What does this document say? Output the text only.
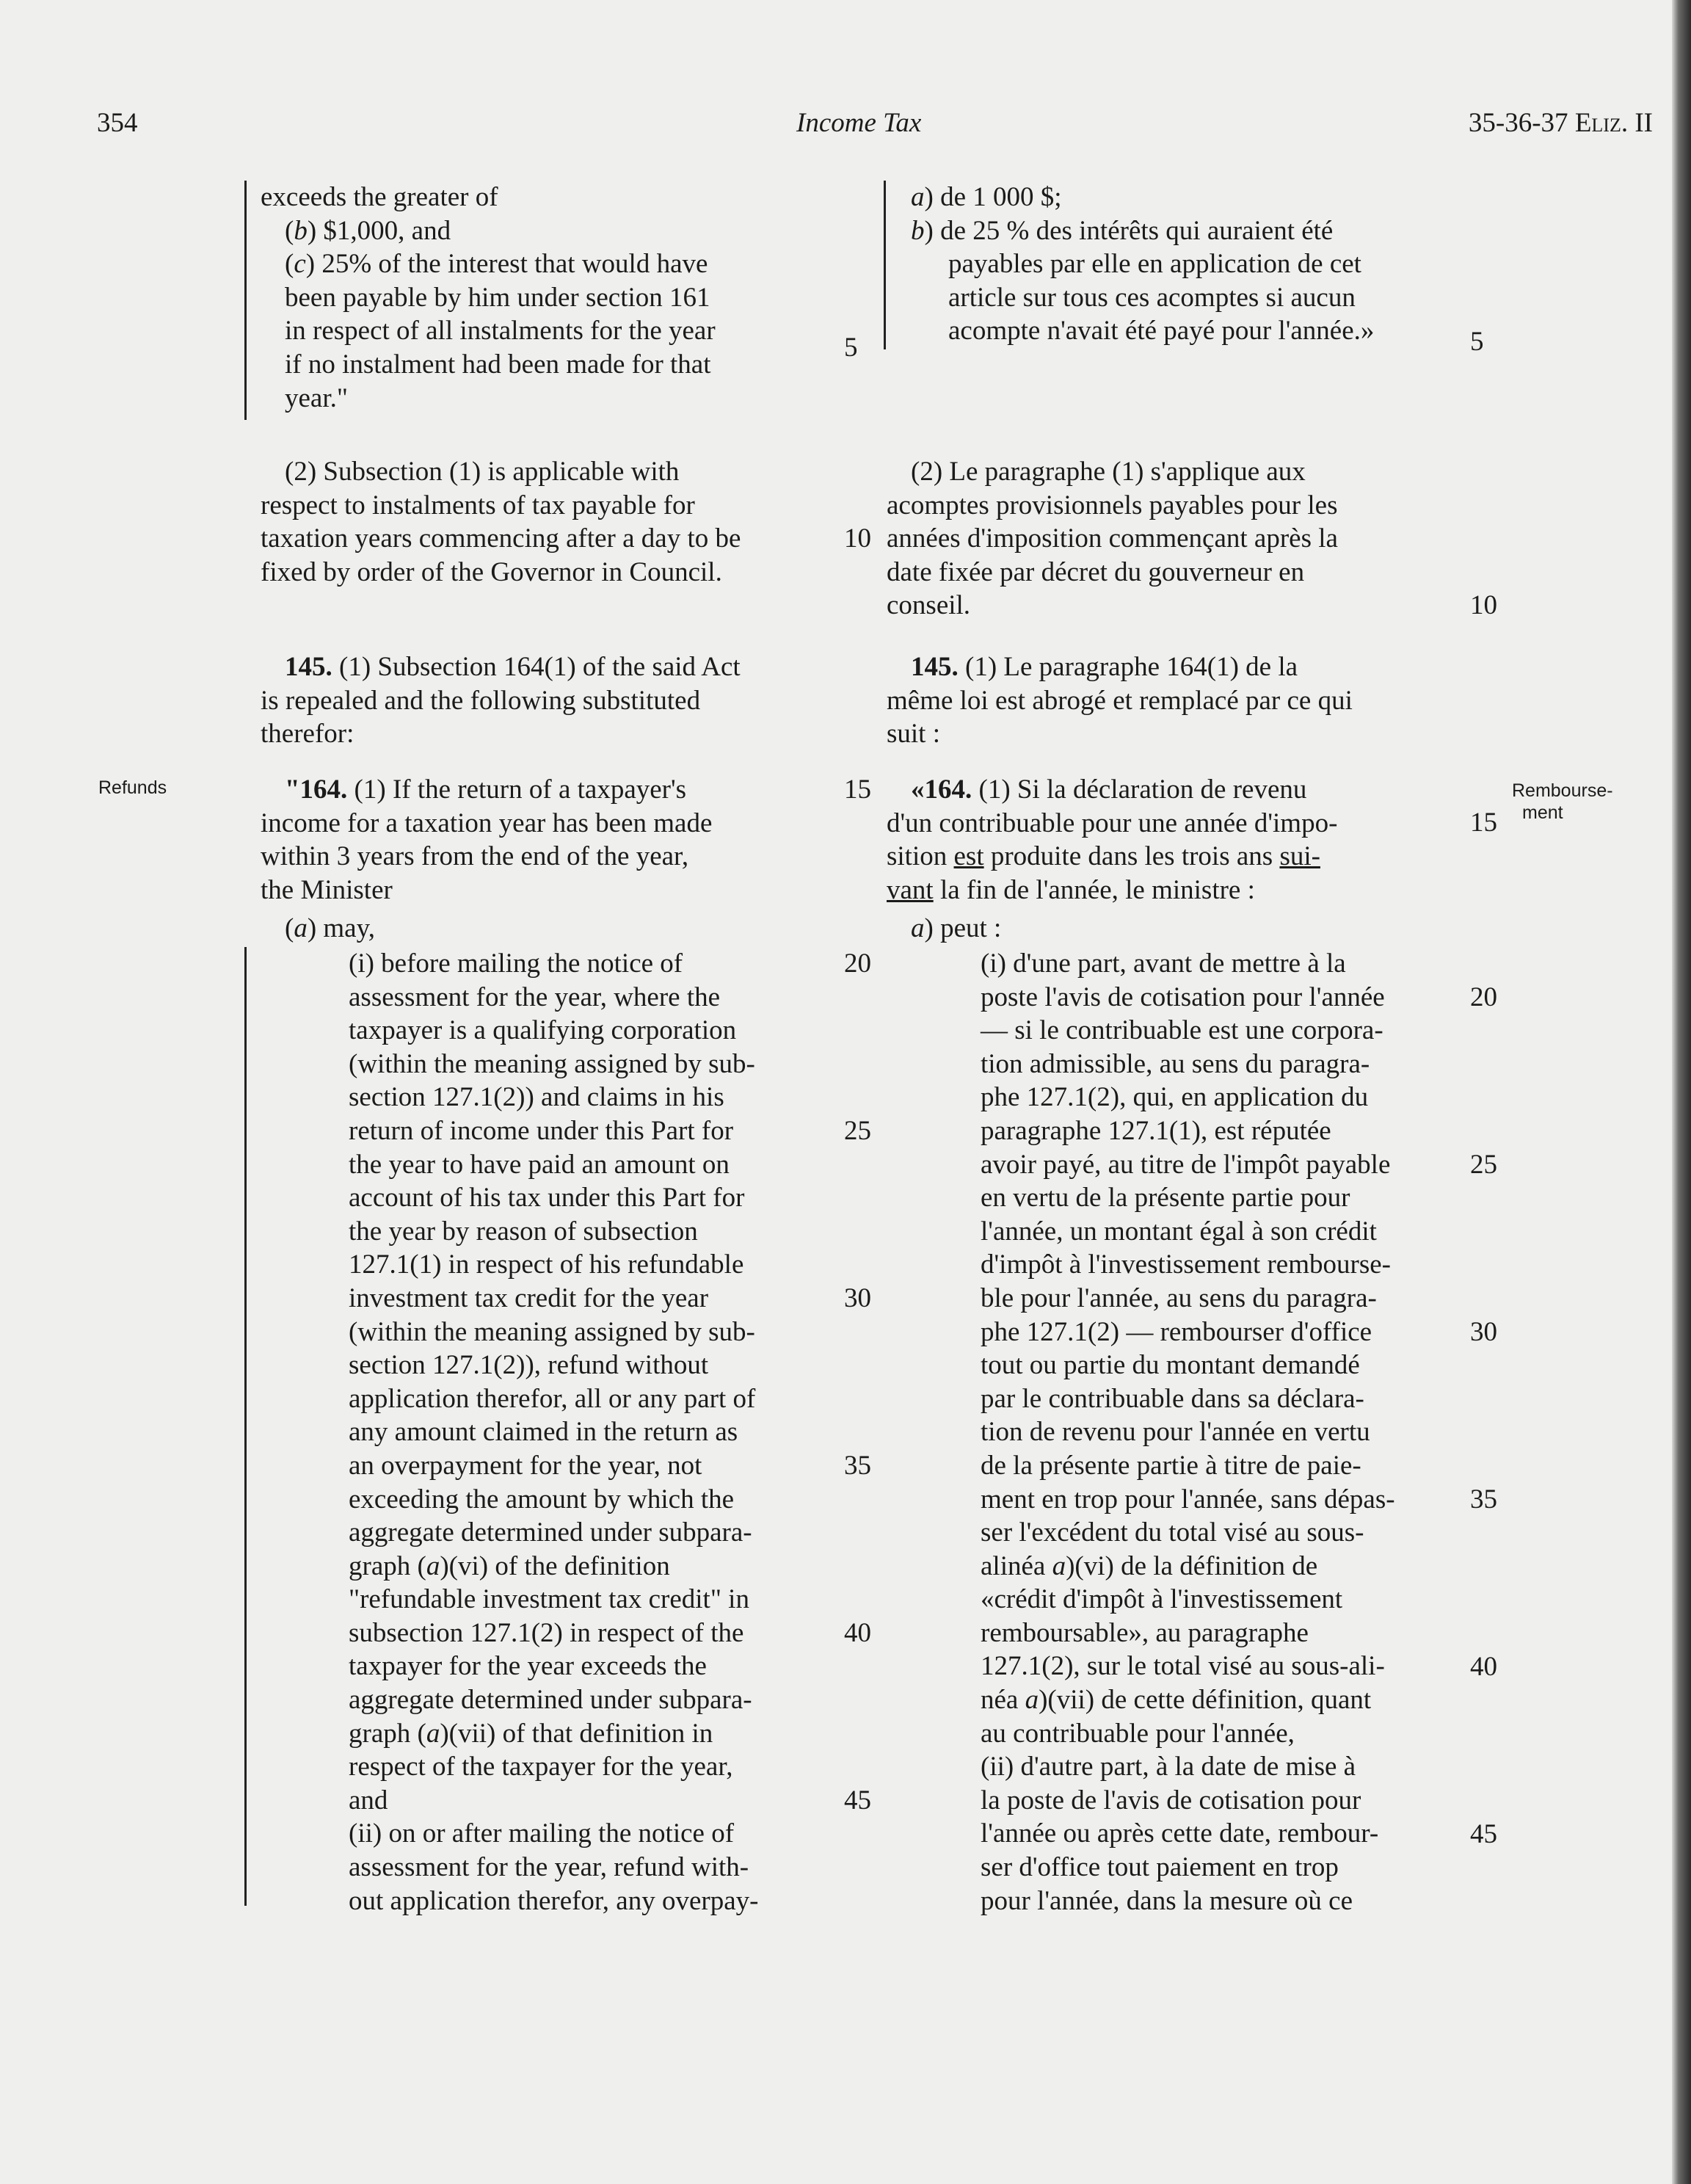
354	Income Tax	35-36-37 Eliz. II
Refunds	Rembourse-
ment

exceeds the greater of

(b) $1,000, and

(c) 25% of the interest that would have

been payable by him under section 161

in respect of all instalments for the year

if no instalment had been made for that

year."

(2) Subsection (1) is applicable with

respect to instalments of tax payable for

taxation years commencing after a day to be

fixed by order of the Governor in Council.

145. (1) Subsection 164(1) of the said Act

is repealed and the following substituted

therefor:

"164. (1) If the return of a taxpayer's

income for a taxation year has been made

within 3 years from the end of the year,

the Minister

(a) may,

(i) before mailing the notice of

assessment for the year, where the

taxpayer is a qualifying corporation

(within the meaning assigned by sub-

section 127.1(2)) and claims in his

return of income under this Part for

the year to have paid an amount on

account of his tax under this Part for

the year by reason of subsection

127.1(1) in respect of his refundable

investment tax credit for the year

(within the meaning assigned by sub-

section 127.1(2)), refund without

application therefor, all or any part of

any amount claimed in the return as

an overpayment for the year, not

exceeding the amount by which the

aggregate determined under subpara-

graph (a)(vi) of the definition

"refundable investment tax credit" in

subsection 127.1(2) in respect of the

taxpayer for the year exceeds the

aggregate determined under subpara-

graph (a)(vii) of that definition in

respect of the taxpayer for the year,

and

(ii) on or after mailing the notice of

assessment for the year, refund with-

out application therefor, any overpay-

a) de 1 000 $;

b) de 25 % des intérêts qui auraient été

payables par elle en application de cet

article sur tous ces acomptes si aucun

acompte n'avait été payé pour l'année.»

(2) Le paragraphe (1) s'applique aux

acomptes provisionnels payables pour les

années d'imposition commençant après la

date fixée par décret du gouverneur en

conseil.

145. (1) Le paragraphe 164(1) de la

même loi est abrogé et remplacé par ce qui

suit :

«164. (1) Si la déclaration de revenu

d'un contribuable pour une année d'impo-

sition est produite dans les trois ans sui-

vant la fin de l'année, le ministre :

a) peut :

(i) d'une part, avant de mettre à la

poste l'avis de cotisation pour l'année

— si le contribuable est une corpora-

tion admissible, au sens du paragra-

phe 127.1(2), qui, en application du

paragraphe 127.1(1), est réputée

avoir payé, au titre de l'impôt payable

en vertu de la présente partie pour

l'année, un montant égal à son crédit

d'impôt à l'investissement rembourse-

ble pour l'année, au sens du paragra-

phe 127.1(2) — rembourser d'office

tout ou partie du montant demandé

par le contribuable dans sa déclara-

tion de revenu pour l'année en vertu

de la présente partie à titre de paie-

ment en trop pour l'année, sans dépas-

ser l'excédent du total visé au sous-

alinéa a)(vi) de la définition de

«crédit d'impôt à l'investissement

remboursable», au paragraphe

127.1(2), sur le total visé au sous-ali-

néa a)(vii) de cette définition, quant

au contribuable pour l'année,

(ii) d'autre part, à la date de mise à

la poste de l'avis de cotisation pour

l'année ou après cette date, rembour-

ser d'office tout paiement en trop

pour l'année, dans la mesure où ce

5
10
15
20
25
30
35
40
45
5
10
15
20
25
30
35
40
45
